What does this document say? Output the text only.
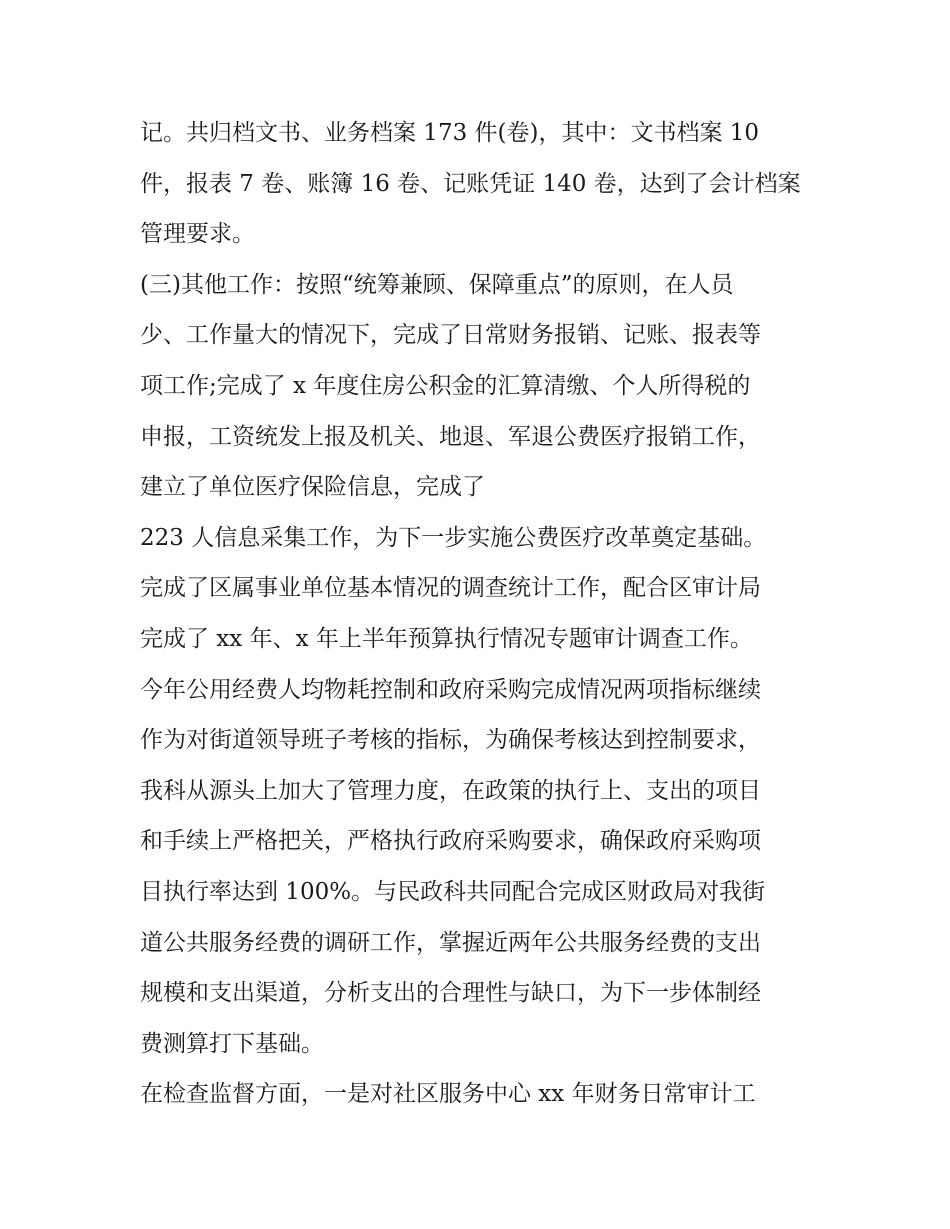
记。共归档文书、业务档案 173 件(卷)，其中：文书档案 10

件，报表 7 卷、账簿 16 卷、记账凭证 140 卷，达到了会计档案

管理要求。

(三)其他工作：按照“统筹兼顾、保障重点”的原则，在人员

少、工作量大的情况下，完成了日常财务报销、记账、报表等

项工作;完成了 x 年度住房公积金的汇算清缴、个人所得税的

申报，工资统发上报及机关、地退、军退公费医疗报销工作，

建立了单位医疗保险信息，完成了

223 人信息采集工作，为下一步实施公费医疗改革奠定基础。

完成了区属事业单位基本情况的调查统计工作，配合区审计局

完成了 xx 年、x 年上半年预算执行情况专题审计调查工作。

今年公用经费人均物耗控制和政府采购完成情况两项指标继续

作为对街道领导班子考核的指标，为确保考核达到控制要求，

我科从源头上加大了管理力度，在政策的执行上、支出的项目

和手续上严格把关，严格执行政府采购要求，确保政府采购项

目执行率达到 100%。与民政科共同配合完成区财政局对我街

道公共服务经费的调研工作，掌握近两年公共服务经费的支出

规模和支出渠道，分析支出的合理性与缺口，为下一步体制经

费测算打下基础。

在检查监督方面，一是对社区服务中心 xx 年财务日常审计工
